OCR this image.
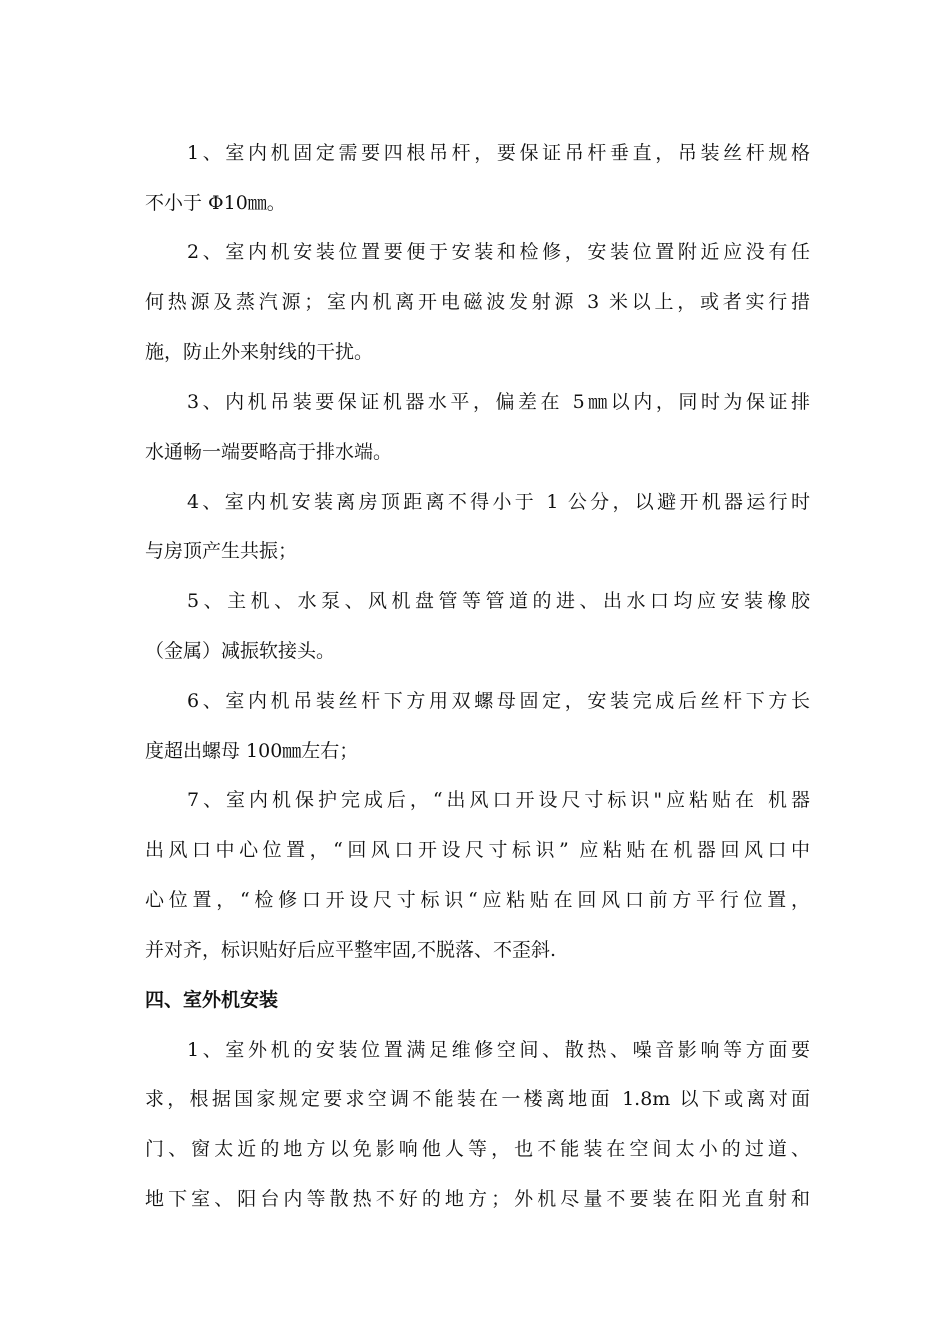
1、室内机固定需要四根吊杆，要保证吊杆垂直，吊装丝杆规格
不小于 Φ10㎜。
2、室内机安装位置要便于安装和检修，安装位置附近应没有任
何热源及蒸汽源；室内机离开电磁波发射源 3 米以上，或者实行措
施，防止外来射线的干扰。
3、内机吊装要保证机器水平，偏差在 5㎜以内，同时为保证排
水通畅一端要略高于排水端。
4、室内机安装离房顶距离不得小于 1 公分，以避开机器运行时
与房顶产生共振；
5、主机、水泵、风机盘管等管道的进、出水口均应安装橡胶
（金属）减振软接头。
6、室内机吊装丝杆下方用双螺母固定，安装完成后丝杆下方长
度超出螺母 100㎜左右；
7、室内机保护完成后，“出风口开设尺寸标识"应粘贴在 机器
出风口中心位置，“回风口开设尺寸标识” 应粘贴在机器回风口中
心位置，“检修口开设尺寸标识“应粘贴在回风口前方平行位置，
并对齐，标识贴好后应平整牢固,不脱落、不歪斜.
四、室外机安装
1、室外机的安装位置满足维修空间、散热、噪音影响等方面要
求，根据国家规定要求空调不能装在一楼离地面 1.8m 以下或离对面
门、窗太近的地方以免影响他人等，也不能装在空间太小的过道、
地下室、阳台内等散热不好的地方；外机尽量不要装在阳光直射和
